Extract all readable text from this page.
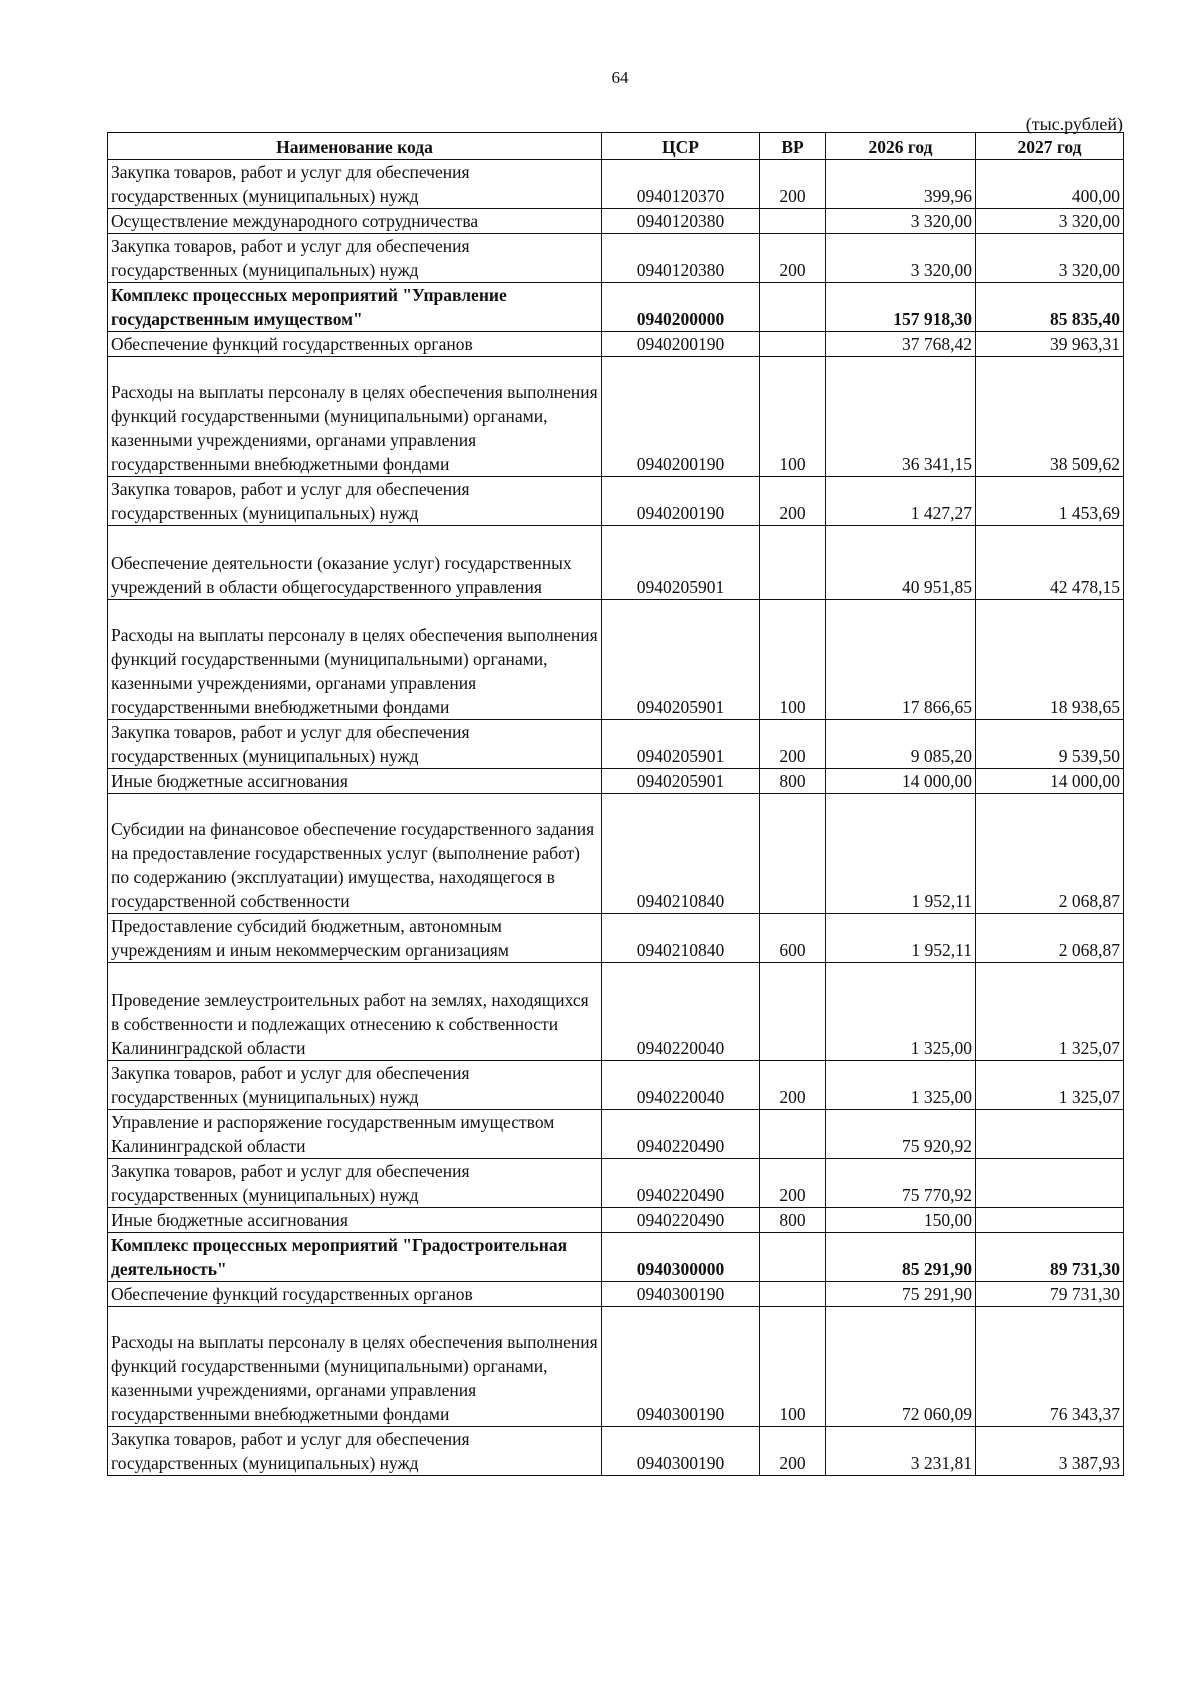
64
(тыс.рублей)
Наименование кода	ЦСР	ВР	2026 год	2027 год
Закупка товаров, работ и услуг для обеспечения государственных (муниципальных) нужд	0940120370	200	399,96	400,00
Осуществление международного сотрудничества	0940120380		3 320,00	3 320,00
Закупка товаров, работ и услуг для обеспечения государственных (муниципальных) нужд	0940120380	200	3 320,00	3 320,00
Комплекс процессных мероприятий "Управление государственным имуществом"	0940200000		157 918,30	85 835,40
Обеспечение функций государственных органов	0940200190		37 768,42	39 963,31
Расходы на выплаты персоналу в целях обеспечения выполнения функций государственными (муниципальными) органами, казенными учреждениями, органами управления государственными внебюджетными фондами	0940200190	100	36 341,15	38 509,62
Закупка товаров, работ и услуг для обеспечения государственных (муниципальных) нужд	0940200190	200	1 427,27	1 453,69
Обеспечение деятельности (оказание услуг) государственных учреждений в области общегосударственного управления	0940205901		40 951,85	42 478,15
Расходы на выплаты персоналу в целях обеспечения выполнения функций государственными (муниципальными) органами, казенными учреждениями, органами управления государственными внебюджетными фондами	0940205901	100	17 866,65	18 938,65
Закупка товаров, работ и услуг для обеспечения государственных (муниципальных) нужд	0940205901	200	9 085,20	9 539,50
Иные бюджетные ассигнования	0940205901	800	14 000,00	14 000,00
Субсидии на финансовое обеспечение государственного задания на предоставление государственных услуг (выполнение работ) по содержанию (эксплуатации) имущества, находящегося в государственной собственности	0940210840		1 952,11	2 068,87
Предоставление субсидий бюджетным, автономным учреждениям и иным некоммерческим организациям	0940210840	600	1 952,11	2 068,87
Проведение землеустроительных работ на землях, находящихся в собственности и подлежащих отнесению к собственности Калининградской области	0940220040		1 325,00	1 325,07
Закупка товаров, работ и услуг для обеспечения государственных (муниципальных) нужд	0940220040	200	1 325,00	1 325,07
Управление и распоряжение государственным имуществом Калининградской области	0940220490		75 920,92	
Закупка товаров, работ и услуг для обеспечения государственных (муниципальных) нужд	0940220490	200	75 770,92	
Иные бюджетные ассигнования	0940220490	800	150,00	
Комплекс процессных мероприятий "Градостроительная деятельность"	0940300000		85 291,90	89 731,30
Обеспечение функций государственных органов	0940300190		75 291,90	79 731,30
Расходы на выплаты персоналу в целях обеспечения выполнения функций государственными (муниципальными) органами, казенными учреждениями, органами управления государственными внебюджетными фондами	0940300190	100	72 060,09	76 343,37
Закупка товаров, работ и услуг для обеспечения государственных (муниципальных) нужд	0940300190	200	3 231,81	3 387,93
